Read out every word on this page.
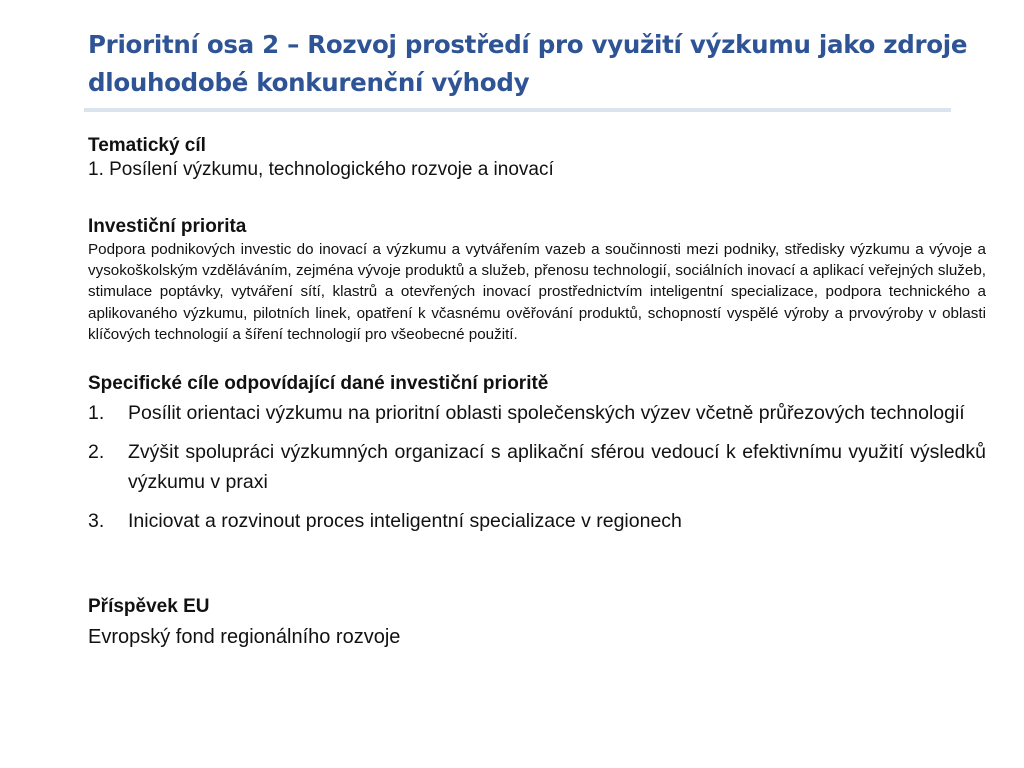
Prioritní osa 2 – Rozvoj prostředí pro využití výzkumu jako zdroje dlouhodobé konkurenční výhody

Tematický cíl

1. Posílení výzkumu, technologického rozvoje a inovací

Investiční priorita

Podpora podnikových investic do inovací a výzkumu a vytvářením vazeb a součinnosti mezi podniky, středisky výzkumu a vývoje a vysokoškolským vzděláváním, zejména vývoje produktů a služeb, přenosu technologií, sociálních inovací a aplikací veřejných služeb, stimulace poptávky, vytváření sítí, klastrů a otevřených inovací prostřednictvím inteligentní specializace, podpora technického a aplikovaného výzkumu, pilotních linek, opatření k včasnému ověřování produktů, schopností vyspělé výroby a prvovýroby v oblasti klíčových technologií a šíření technologií pro všeobecné použití.

Specifické cíle odpovídající dané investiční prioritě

1. Posílit orientaci výzkumu na prioritní oblasti společenských výzev včetně průřezových technologií
2. Zvýšit spolupráci výzkumných organizací s aplikační sférou vedoucí k efektivnímu využití výsledků výzkumu v praxi
3. Iniciovat a rozvinout proces inteligentní specializace v regionech

Příspěvek EU

Evropský fond regionálního rozvoje
